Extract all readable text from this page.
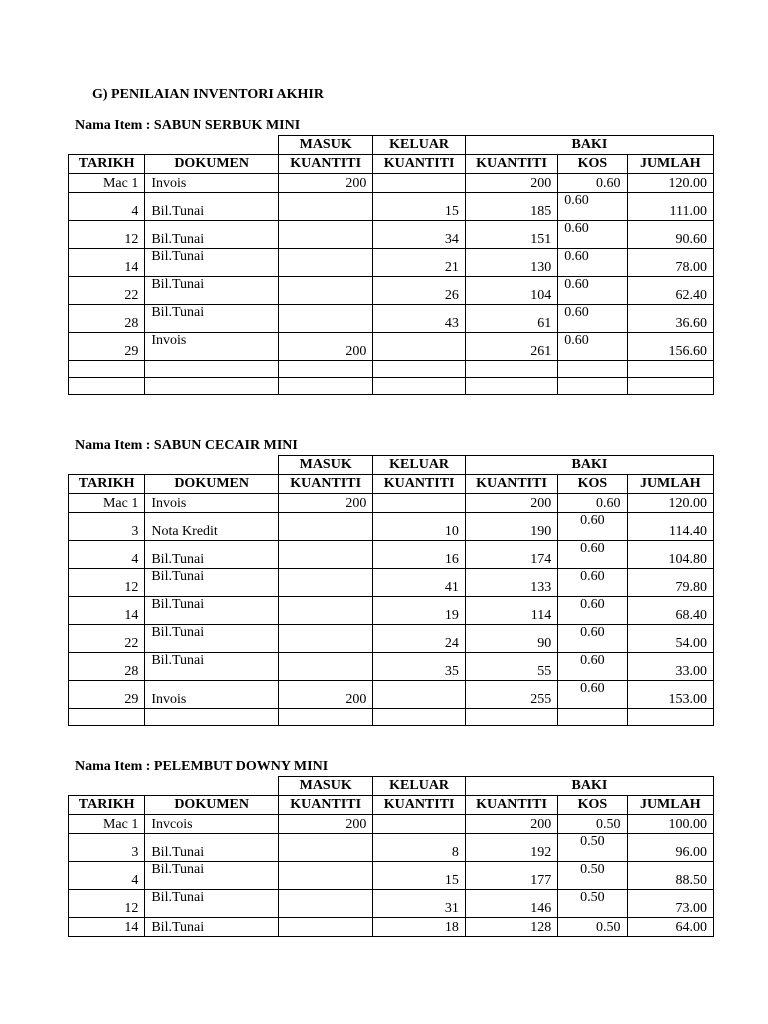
G) PENILAIAN INVENTORI AKHIR
Nama Item : SABUN SERBUK MINI
		MASUK	KELUAR	BAKI		
TARIKH	DOKUMEN	KUANTITI	KUANTITI	KUANTITI	KOS	JUMLAH
Mac 1	Invois	200		200	0.60	120.00
4	Bil.Tunai		15	185	0.60	111.00
12	Bil.Tunai		34	151	0.60	90.60
14	Bil.Tunai		21	130	0.60	78.00
22	Bil.Tunai		26	104	0.60	62.40
28	Bil.Tunai		43	61	0.60	36.60
29	Invois	200		261	0.60	156.60

Nama Item : SABUN CECAIR MINI
		MASUK	KELUAR	BAKI		
TARIKH	DOKUMEN	KUANTITI	KUANTITI	KUANTITI	KOS	JUMLAH
Mac 1	Invois	200		200	0.60	120.00
3	Nota Kredit		10	190	0.60	114.40
4	Bil.Tunai		16	174	0.60	104.80
12	Bil.Tunai		41	133	0.60	79.80
14	Bil.Tunai		19	114	0.60	68.40
22	Bil.Tunai		24	90	0.60	54.00
28	Bil.Tunai		35	55	0.60	33.00
29	Invois	200		255	0.60	153.00

Nama Item : PELEMBUT DOWNY MINI
		MASUK	KELUAR	BAKI		
TARIKH	DOKUMEN	KUANTITI	KUANTITI	KUANTITI	KOS	JUMLAH
Mac 1	Invcois	200		200	0.50	100.00
3	Bil.Tunai		8	192	0.50	96.00
4	Bil.Tunai		15	177	0.50	88.50
12	Bil.Tunai		31	146	0.50	73.00
14	Bil.Tunai		18	128	0.50	64.00
